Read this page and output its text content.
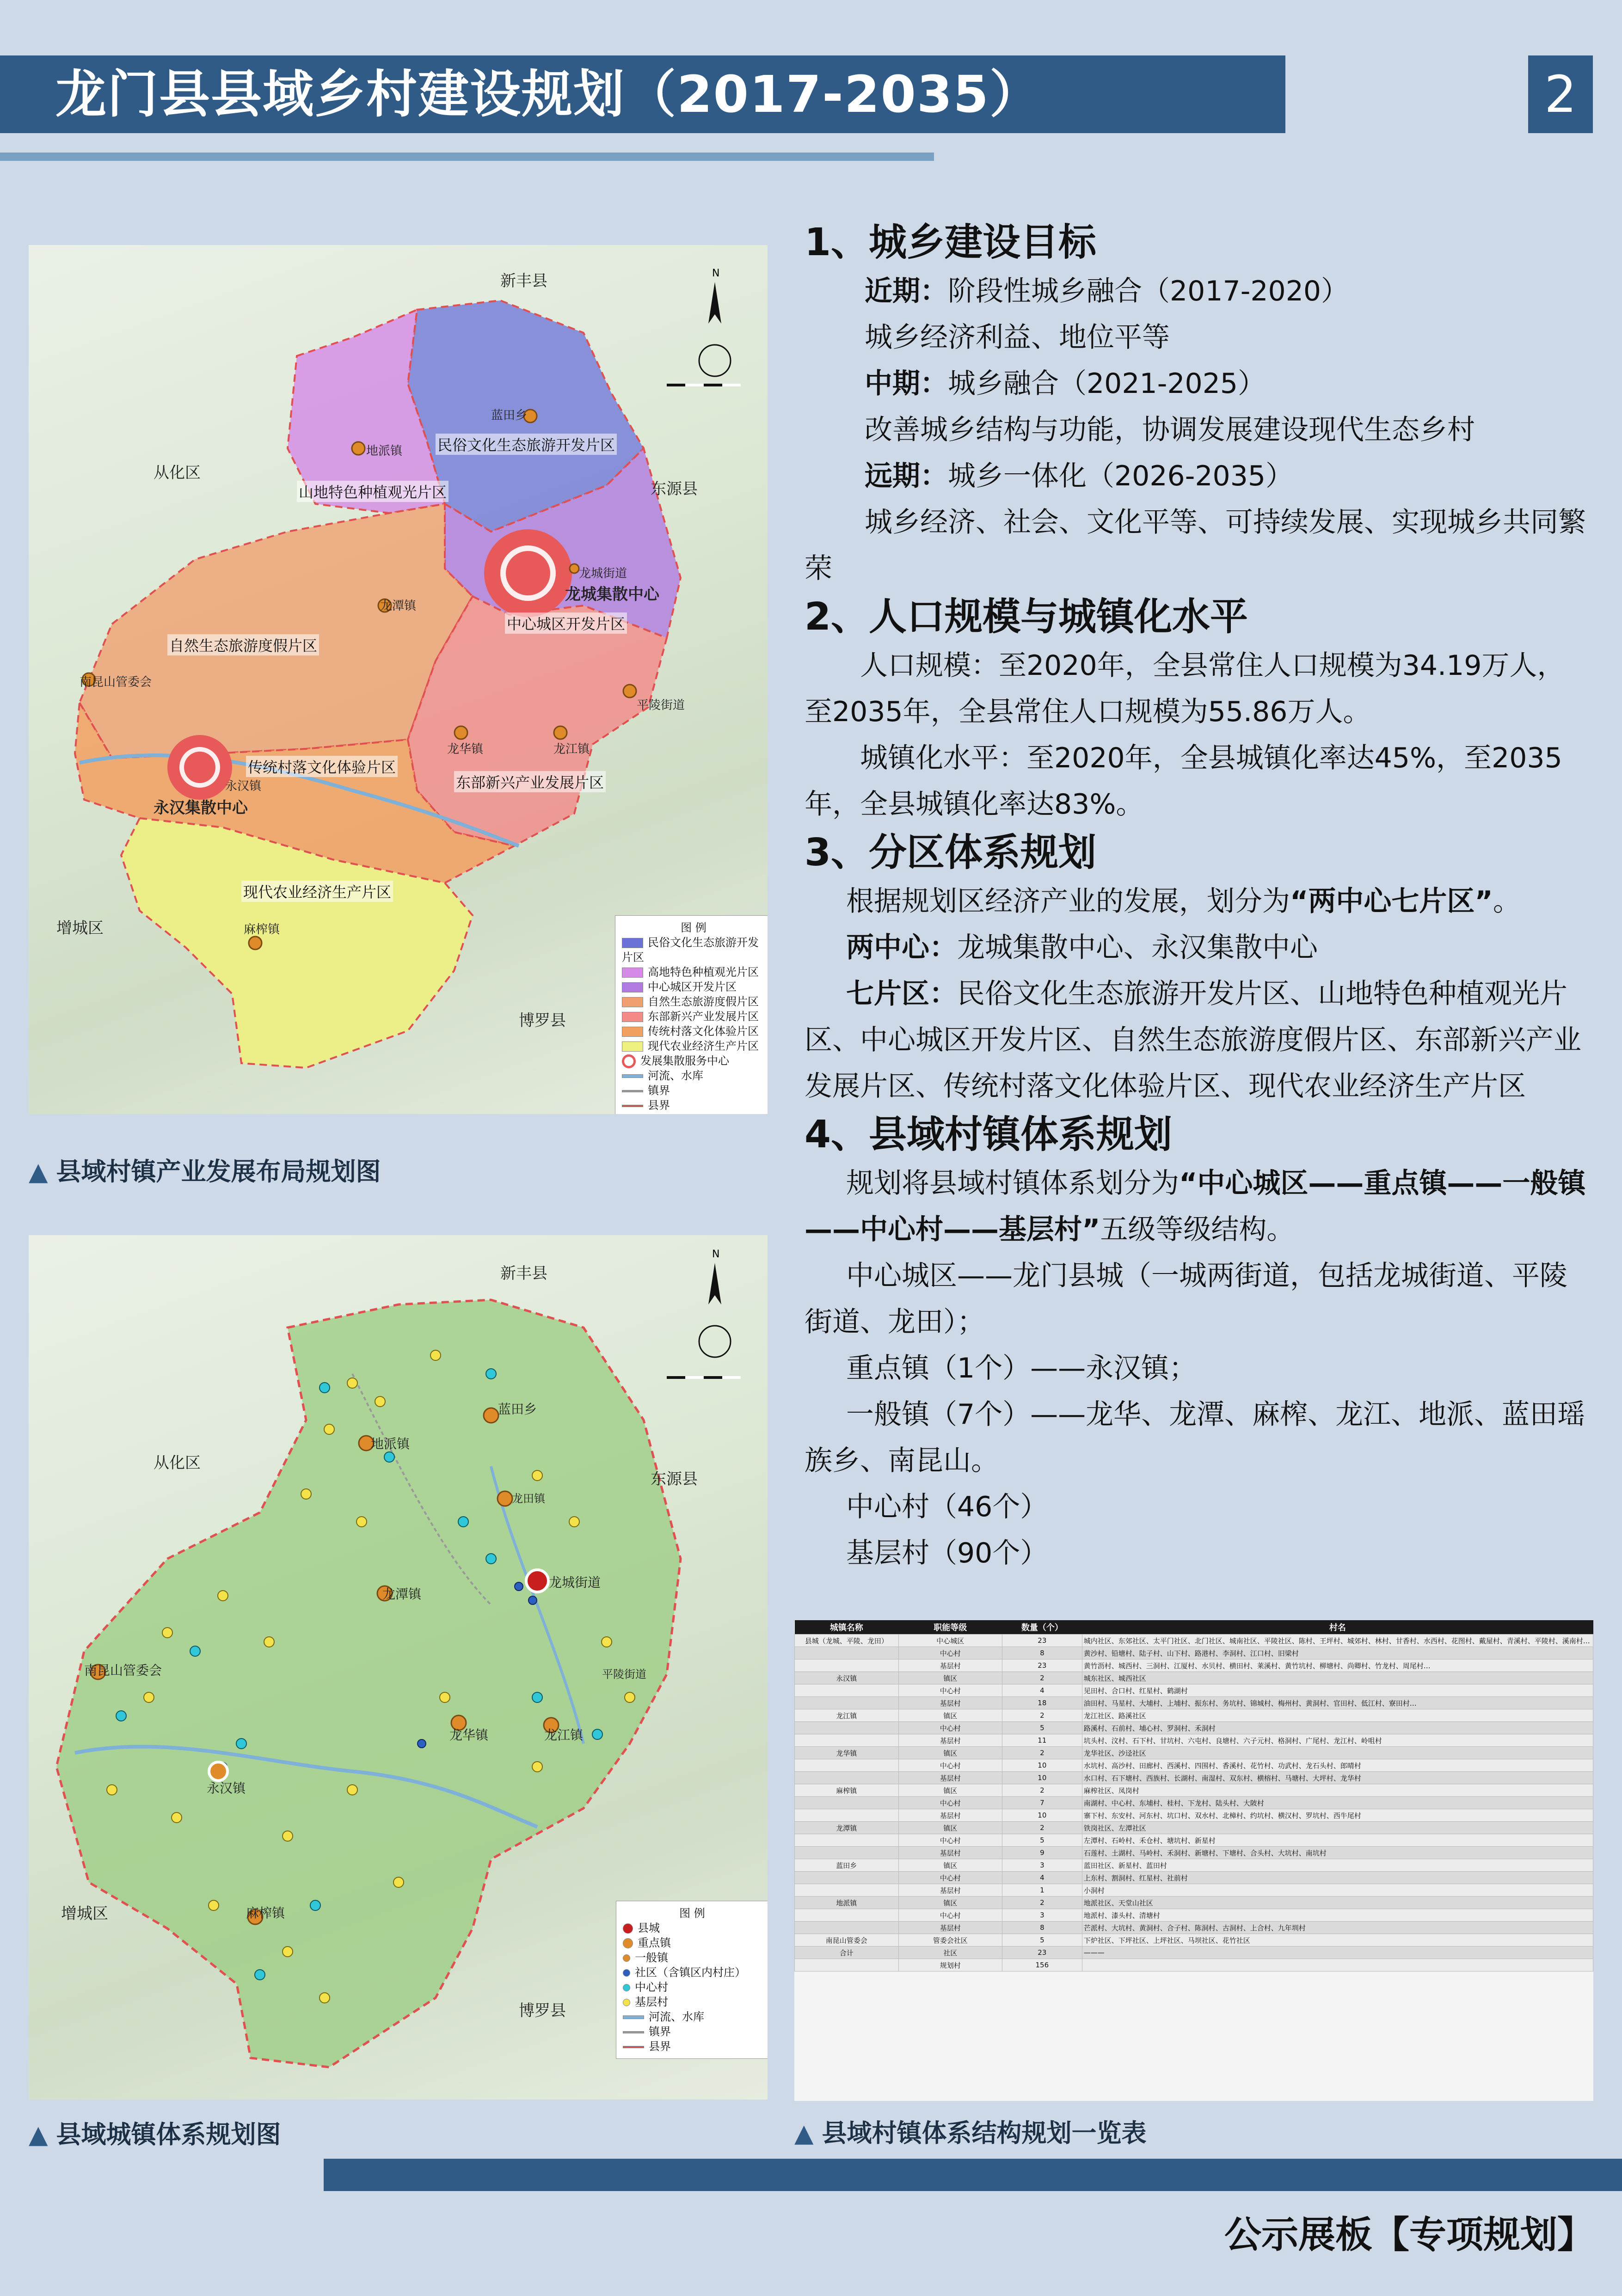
龙门县县域乡村建设规划（2017-2035）	2
N
新丰县
从化区
东源县
增城区
博罗县
民俗文化生态旅游开发片区
山地特色种植观光片区
中心城区开发片区
自然生态旅游度假片区
东部新兴产业发展片区
传统村落文化体验片区
现代农业经济生产片区
龙城集散中心
永汉集散中心
蓝田乡
地派镇
龙潭镇
龙城街道
平陵街道
龙华镇	龙江镇
南昆山管委会
永汉镇
麻榨镇	图 例
民俗文化生态旅游开发片区
高地特色种植观光片区
中心城区开发片区
自然生态旅游度假片区
东部新兴产业发展片区
传统村落文化体验片区
现代农业经济生产片区
发展集散服务中心
河流、水库
镇界
县界
▲ 县域村镇产业发展布局规划图
N
新丰县
从化区
东源县
增城区
博罗县
蓝田乡
地派镇
龙田镇
龙潭镇
龙城街道
平陵街道
南昆山管委会
龙华镇	龙江镇
永汉镇
麻榨镇	图 例
县城
重点镇
一般镇
社区（含镇区内村庄）
中心村
基层村
河流、水库
镇界
县界
▲ 县域城镇体系规划图
1、城乡建设目标
近期：阶段性城乡融合（2017-2020）
城乡经济利益、地位平等
中期：城乡融合（2021-2025）
改善城乡结构与功能，协调发展建设现代生态乡村
远期：城乡一体化（2026-2035）
城乡经济、社会、文化平等、可持续发展、实现城乡共同繁荣
2、人口规模与城镇化水平
人口规模：至2020年，全县常住人口规模为34.19万人，至2035年，全县常住人口规模为55.86万人。
城镇化水平：至2020年，全县城镇化率达45%，至2035年，全县城镇化率达83%。
3、分区体系规划
根据规划区经济产业的发展，划分为“两中心七片区”。
两中心：龙城集散中心、永汉集散中心
七片区：民俗文化生态旅游开发片区、山地特色种植观光片区、中心城区开发片区、自然生态旅游度假片区、东部新兴产业发展片区、传统村落文化体验片区、现代农业经济生产片区
4、县域村镇体系规划
规划将县域村镇体系划分为“中心城区——重点镇——一般镇——中心村——基层村”五级等级结构。
中心城区——龙门县城（一城两街道，包括龙城街道、平陵街道、龙田）；
重点镇（1个）——永汉镇；
一般镇（7个）——龙华、龙潭、麻榨、龙江、地派、蓝田瑶族乡、南昆山。
中心村（46个）
基层村（90个）
城镇名称	职能等级	数量（个）	村名
县城（龙城、平陵、龙田）	中心城区	23	城内社区、东郊社区、太平门社区、北门社区、城南社区、平陵社区、陈村、王坪村、城郊村、林村、甘香村、水西村、花图村、戴屋村、青溪村、平陵村、溪南村…
	中心村	8	黄沙村、铅塘村、陆子村、山下村、路港村、李洞村、江口村、旧梁村
	基层村	23	黄竹沥村、城西村、三洞村、江厦村、水贝村、横田村、莱溪村、黄竹坑村、柳塘村、尚卿村、竹龙村、周尾村…
永汉镇	镇区	2	城东社区、城西社区
	中心村	4	见田村、合口村、红星村、鹤湖村
	基层村	18	油田村、马星村、大埔村、上埔村、振东村、务坑村、锦城村、梅州村、黄洞村、官田村、低江村、寮田村…
龙江镇	镇区	2	龙江社区、路溪社区
	中心村	5	路溪村、石前村、埔心村、罗洞村、禾洞村
	基层村	11	坑头村、汶村、石下村、甘坑村、六屯村、良塘村、六子元村、格洞村、广尾村、龙江村、岭咀村
龙华镇	镇区	2	龙华社区、沙迳社区
	中心村	10	水坑村、高沙村、田廊村、西溪村、四围村、香溪村、花竹村、功武村、龙石头村、郎晴村
	基层村	10	水口村、石下塘村、西族村、长湖村、南湿村、双东村、横榕村、马塘村、大坪村、龙华村
麻榨镇	镇区	2	麻榨社区、凤岗村
	中心村	7	南湖村、中心村、东埔村、桂村、下龙村、陆头村、大陂村
	基层村	10	寨下村、东安村、河东村、坑口村、双水村、北樟村、约坑村、横汉村、罗坑村、西牛尾村
龙潭镇	镇区	2	铁岗社区、左潭社区
	中心村	5	左潭村、石岭村、禾仓村、塘坑村、新星村
	基层村	9	石莲村、土湖村、马岭村、禾洞村、新塘村、下塘村、合头村、大坑村、南坑村
蓝田乡	镇区	3	蓝田社区、新星村、蓝田村
	中心村	4	上东村、割洞村、红星村、社前村
	基层村	1	小洞村
地派镇	镇区	2	地派社区、天堂山社区
	中心村	3	地派村、漆头村、清塘村
	基层村	8	芒派村、大坑村、黄洞村、合子村、陈洞村、古洞村、上合村、九年圳村
南昆山管委会	管委会社区	5	下炉社区、下坪社区、上坪社区、马坝社区、花竹社区
合计	社区	23	———
	规划村	156	
▲ 县域村镇体系结构规划一览表
公示展板【专项规划】
